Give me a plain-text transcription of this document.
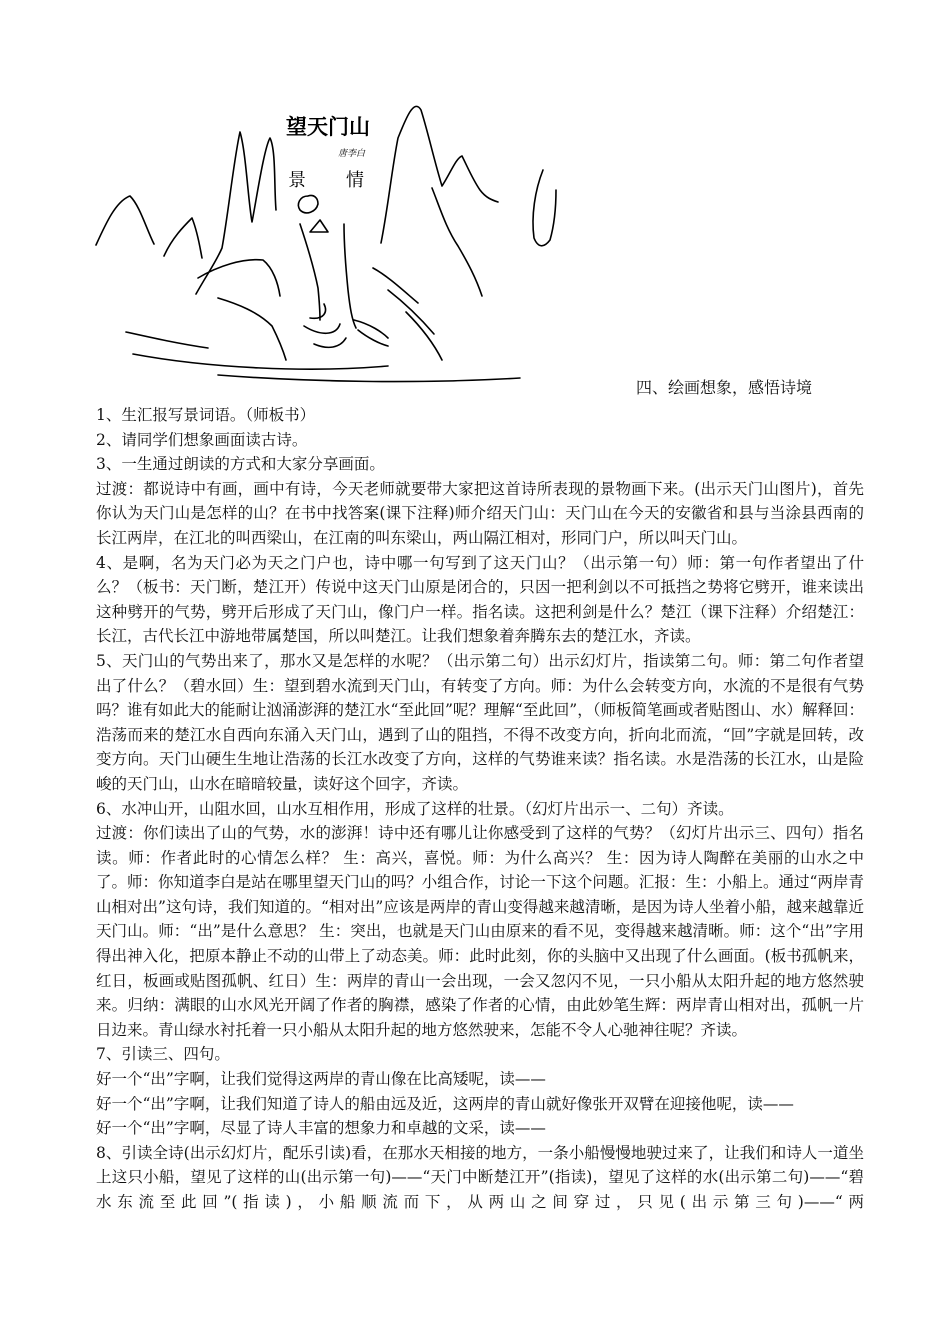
望天门山
唐李白
景 情
四、绘画想象，感悟诗境

1、生汇报写景词语。（师板书）

2、请同学们想象画面读古诗。

3、一生通过朗读的方式和大家分享画面。

过渡：都说诗中有画，画中有诗，今天老师就要带大家把这首诗所表现的景物画下来。(出示天门山图片)，首先你认为天门山是怎样的山？在书中找答案(课下注释)师介绍天门山：天门山在今天的安徽省和县与当涂县西南的长江两岸，在江北的叫西梁山，在江南的叫东梁山，两山隔江相对，形同门户，所以叫天门山。

4、是啊，名为天门必为天之门户也，诗中哪一句写到了这天门山？（出示第一句）师：第一句作者望出了什么？（板书：天门断，楚江开）传说中这天门山原是闭合的，只因一把利剑以不可抵挡之势将它劈开，谁来读出这种劈开的气势，劈开后形成了天门山，像门户一样。指名读。这把利剑是什么？楚江（课下注释）介绍楚江：长江，古代长江中游地带属楚国，所以叫楚江。让我们想象着奔腾东去的楚江水，齐读。

5、天门山的气势出来了，那水又是怎样的水呢？（出示第二句）出示幻灯片，指读第二句。师：第二句作者望出了什么？（碧水回）生：望到碧水流到天门山，有转变了方向。师：为什么会转变方向，水流的不是很有气势吗？谁有如此大的能耐让汹涌澎湃的楚江水“至此回”呢？理解“至此回”，（师板简笔画或者贴图山、水）解释回：浩荡而来的楚江水自西向东涌入天门山，遇到了山的阻挡，不得不改变方向，折向北而流，“回”字就是回转，改变方向。天门山硬生生地让浩荡的长江水改变了方向，这样的气势谁来读？指名读。水是浩荡的长江水，山是险峻的天门山，山水在暗暗较量，读好这个回字，齐读。

6、水冲山开，山阻水回，山水互相作用，形成了这样的壮景。（幻灯片出示一、二句）齐读。

过渡：你们读出了山的气势，水的澎湃！诗中还有哪儿让你感受到了这样的气势？（幻灯片出示三、四句）指名读。师：作者此时的心情怎么样？ 生：高兴，喜悦。师：为什么高兴？ 生：因为诗人陶醉在美丽的山水之中了。师：你知道李白是站在哪里望天门山的吗？小组合作，讨论一下这个问题。汇报：生：小船上。通过“两岸青山相对出”这句诗，我们知道的。“相对出”应该是两岸的青山变得越来越清晰，是因为诗人坐着小船，越来越靠近天门山。师：“出”是什么意思？ 生：突出，也就是天门山由原来的看不见，变得越来越清晰。师：这个“出”字用得出神入化，把原本静止不动的山带上了动态美。师：此时此刻，你的头脑中又出现了什么画面。(板书孤帆来，红日，板画或贴图孤帆、红日）生：两岸的青山一会出现，一会又忽闪不见，一只小船从太阳升起的地方悠然驶来。归纳：满眼的山水风光开阔了作者的胸襟，感染了作者的心情，由此妙笔生辉：两岸青山相对出，孤帆一片日边来。青山绿水衬托着一只小船从太阳升起的地方悠然驶来，怎能不令人心驰神往呢？齐读。

7、引读三、四句。

好一个“出”字啊，让我们觉得这两岸的青山像在比高矮呢，读——

好一个“出”字啊，让我们知道了诗人的船由远及近，这两岸的青山就好像张开双臂在迎接他呢，读——

好一个“出”字啊，尽显了诗人丰富的想象力和卓越的文采，读——

8、引读全诗(出示幻灯片，配乐引读)看，在那水天相接的地方，一条小船慢慢地驶过来了，让我们和诗人一道坐上这只小船，望见了这样的山(出示第一句)——“天门中断楚江开”(指读)，望见了这样的水(出示第二句)——“碧水东流至此回”(指读)，小船顺流而下，从两山之间穿过，只见(出示第三句)——“两
